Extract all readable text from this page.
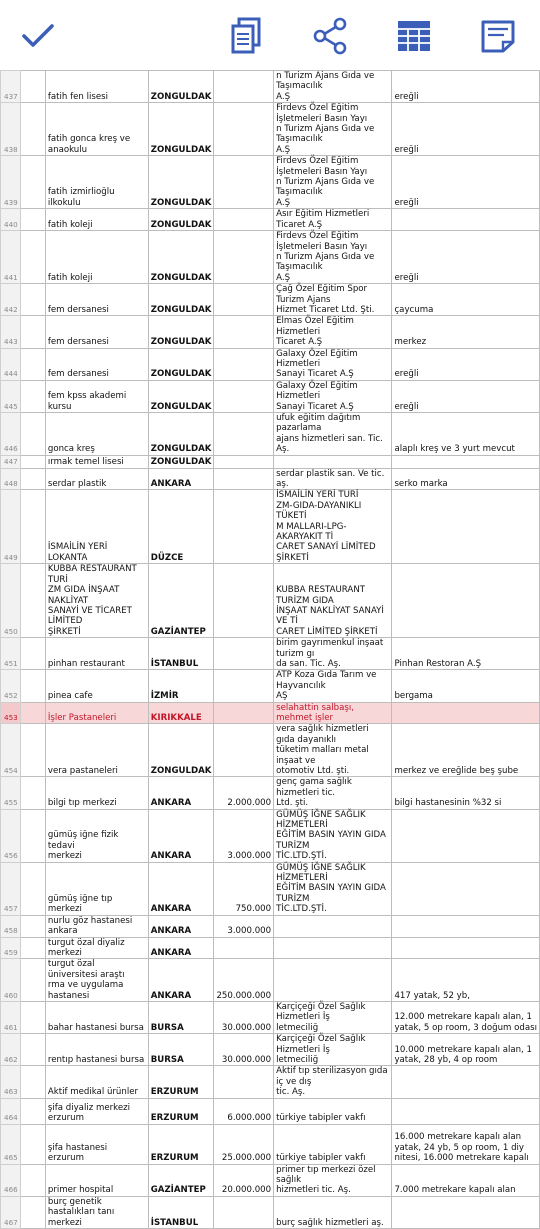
437		fatih fen lisesi	ZONGULDAK		n Turizm Ajans Gıda ve Taşımacılık
A.Ş	ereğli
438		fatih gonca kreş ve anaokulu	ZONGULDAK		Firdevs Özel Eğitim İşletmeleri Basın Yayı
n Turizm Ajans Gıda ve Taşımacılık
A.Ş	ereğli
439		fatih izmirlioğlu ilkokulu	ZONGULDAK		Firdevs Özel Eğitim İşletmeleri Basın Yayı
n Turizm Ajans Gıda ve Taşımacılık
A.Ş	ereğli
440		fatih koleji	ZONGULDAK		Asır Eğitim Hizmetleri Ticaret A.Ş	
441		fatih koleji	ZONGULDAK		Firdevs Özel Eğitim İşletmeleri Basın Yayı
n Turizm Ajans Gıda ve Taşımacılık
A.Ş	ereğli
442		fem dersanesi	ZONGULDAK		Çağ Özel Eğitim Spor Turizm Ajans
Hizmet Ticaret Ltd. Şti.	çaycuma
443		fem dersanesi	ZONGULDAK		Elmas Özel Eğitim Hizmetleri
Ticaret A.Ş	merkez
444		fem dersanesi	ZONGULDAK		Galaxy Özel Eğitim Hizmetleri
Sanayi Ticaret A.Ş	ereğli
445		fem kpss akademi kursu	ZONGULDAK		Galaxy Özel Eğitim Hizmetleri
Sanayi Ticaret A.Ş	ereğli
446		gonca kreş	ZONGULDAK		ufuk eğitim dağıtım pazarlama
ajans hizmetleri san. Tic. Aş.	alaplı kreş ve 3 yurt mevcut
447		ırmak temel lisesi	ZONGULDAK			
448		serdar plastik	ANKARA		serdar plastik san. Ve tic. aş.	serko marka
449		İSMAİLİN YERİ LOKANTA	DÜZCE		İSMAİLİN YERİ TURİ
ZM-GIDA-DAYANIKLI TÜKETİ
M MALLARI-LPG-AKARYAKIT Tİ
CARET SANAYİ LİMİTED ŞİRKETİ	
450		KUBBA RESTAURANT TURİ
ZM GIDA İNŞAAT NAKLİYAT
SANAYİ VE TİCARET LİMİTED
ŞİRKETİ	GAZİANTEP		KUBBA RESTAURANT TURİZM GIDA
İNŞAAT NAKLİYAT SANAYİ VE Tİ
CARET LİMİTED ŞİRKETİ	
451		pinhan restaurant	İSTANBUL		birim gayrımenkul inşaat turizm gı
da san. Tic. Aş.	Pinhan Restoran A.Ş
452		pinea cafe	İZMİR		ATP Koza Gıda Tarım ve Hayvancılık
AŞ	bergama
453		İşler Pastaneleri	KIRIKKALE		selahattin salbaşı, mehmet işler	
454		vera pastaneleri	ZONGULDAK		vera sağlık hizmetleri gıda dayanıklı
tüketim malları metal inşaat ve
otomotiv Ltd. şti.	merkez ve ereğlide beş şube
455		bilgi tıp merkezi	ANKARA	2.000.000	genç gama sağlık hizmetleri tic.
Ltd. şti.	bilgi hastanesinin %32 si
456		gümüş iğne fizik tedavi
merkezi	ANKARA	3.000.000	GÜMÜŞ İĞNE SAĞLIK HİZMETLERİ
EĞİTİM BASIN YAYIN GIDA TURİZM
TİC.LTD.ŞTİ.	
457		gümüş iğne tıp merkezi	ANKARA	750.000	GÜMÜŞ İĞNE SAĞLIK HİZMETLERİ
EĞİTİM BASIN YAYIN GIDA TURİZM
TİC.LTD.ŞTİ.	
458		nurlu göz hastanesi ankara	ANKARA	3.000.000		
459		turgut özal diyaliz merkezi	ANKARA			
460		turgut özal üniversitesi araştı
rma ve uygulama hastanesi	ANKARA	250.000.000		417 yatak, 52 yb,
461		bahar hastanesi bursa	BURSA	30.000.000	Karçiçeği Özel Sağlık Hizmetleri İş
letmeciliğ	12.000 metrekare kapalı alan, 1
yatak, 5 op room, 3 doğum odası
462		rentıp hastanesi bursa	BURSA	30.000.000	Karçiçeği Özel Sağlık Hizmetleri İş
letmeciliğ	10.000 metrekare kapalı alan, 1
yatak, 28 yb, 4 op room
463		Aktif medikal ürünler	ERZURUM		Aktif tıp sterilizasyon gıda iç ve dış
tic. Aş.	
464		şifa diyaliz merkezi erzurum	ERZURUM	6.000.000	türkiye tabipler vakfı	
465		şifa hastanesi erzurum	ERZURUM	25.000.000	türkiye tabipler vakfı	16.000 metrekare kapalı alan
yatak, 24 yb, 5 op room, 1 diy
nitesi, 16.000 metrekare kapalı
466		primer hospital	GAZİANTEP	20.000.000	primer tıp merkezi özel sağlık
hizmetleri tic. Aş.	7.000 metrekare kapalı alan
467		burç genetik hastalıkları tanı
merkezi	İSTANBUL		burç sağlık hizmetleri aş.	
